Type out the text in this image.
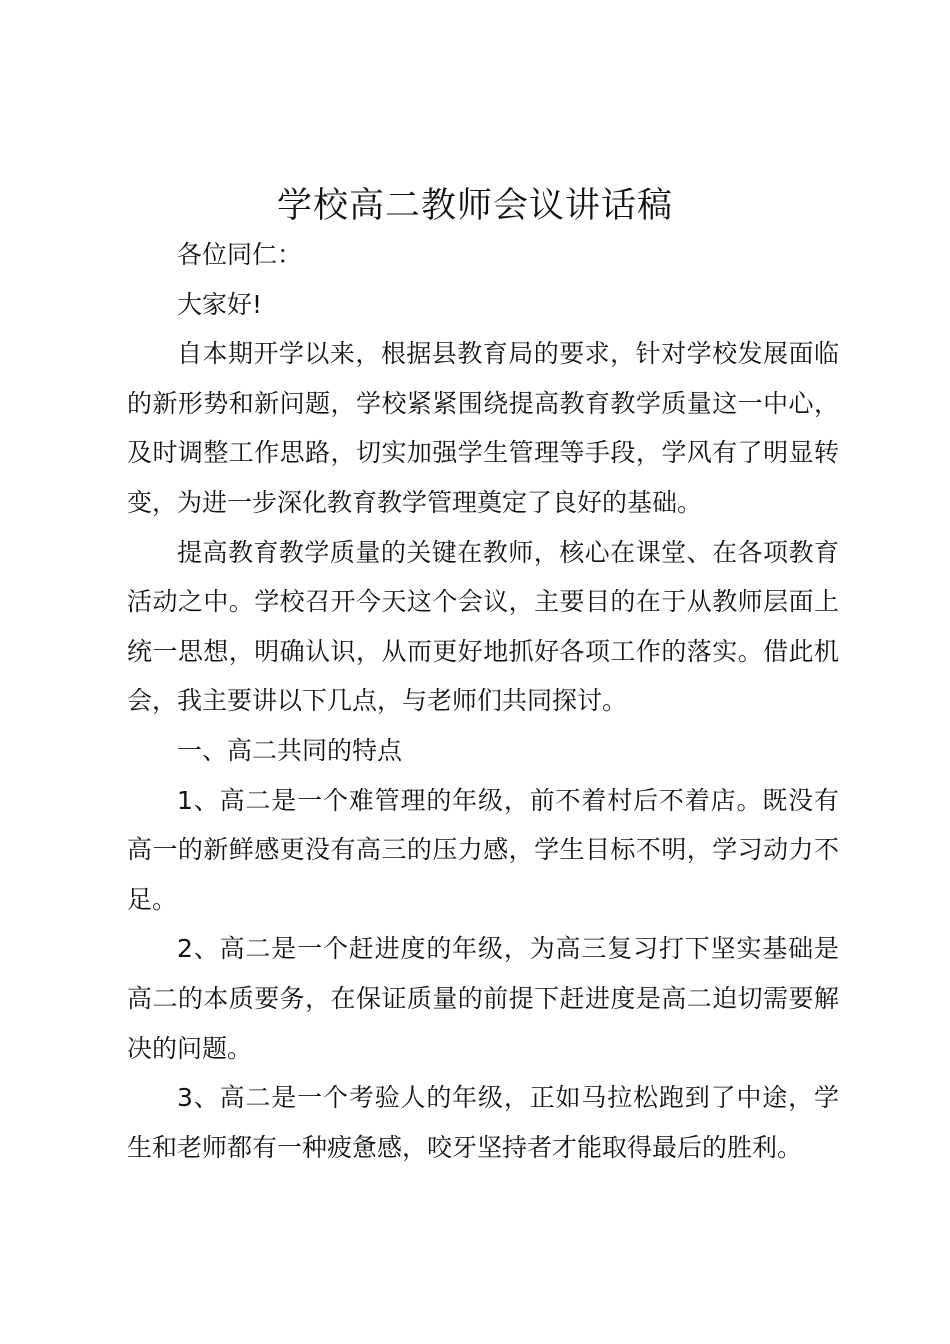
学校高二教师会议讲话稿

各位同仁：

大家好!

自本期开学以来，根据县教育局的要求，针对学校发展面临的新形势和新问题，学校紧紧围绕提高教育教学质量这一中心，及时调整工作思路，切实加强学生管理等手段，学风有了明显转变，为进一步深化教育教学管理奠定了良好的基础。

提高教育教学质量的关键在教师，核心在课堂、在各项教育活动之中。学校召开今天这个会议，主要目的在于从教师层面上统一思想，明确认识，从而更好地抓好各项工作的落实。借此机会，我主要讲以下几点，与老师们共同探讨。

一、高二共同的特点

1、高二是一个难管理的年级，前不着村后不着店。既没有高一的新鲜感更没有高三的压力感，学生目标不明，学习动力不足。

2、高二是一个赶进度的年级，为高三复习打下坚实基础是高二的本质要务，在保证质量的前提下赶进度是高二迫切需要解决的问题。

3、高二是一个考验人的年级，正如马拉松跑到了中途，学生和老师都有一种疲惫感，咬牙坚持者才能取得最后的胜利。
